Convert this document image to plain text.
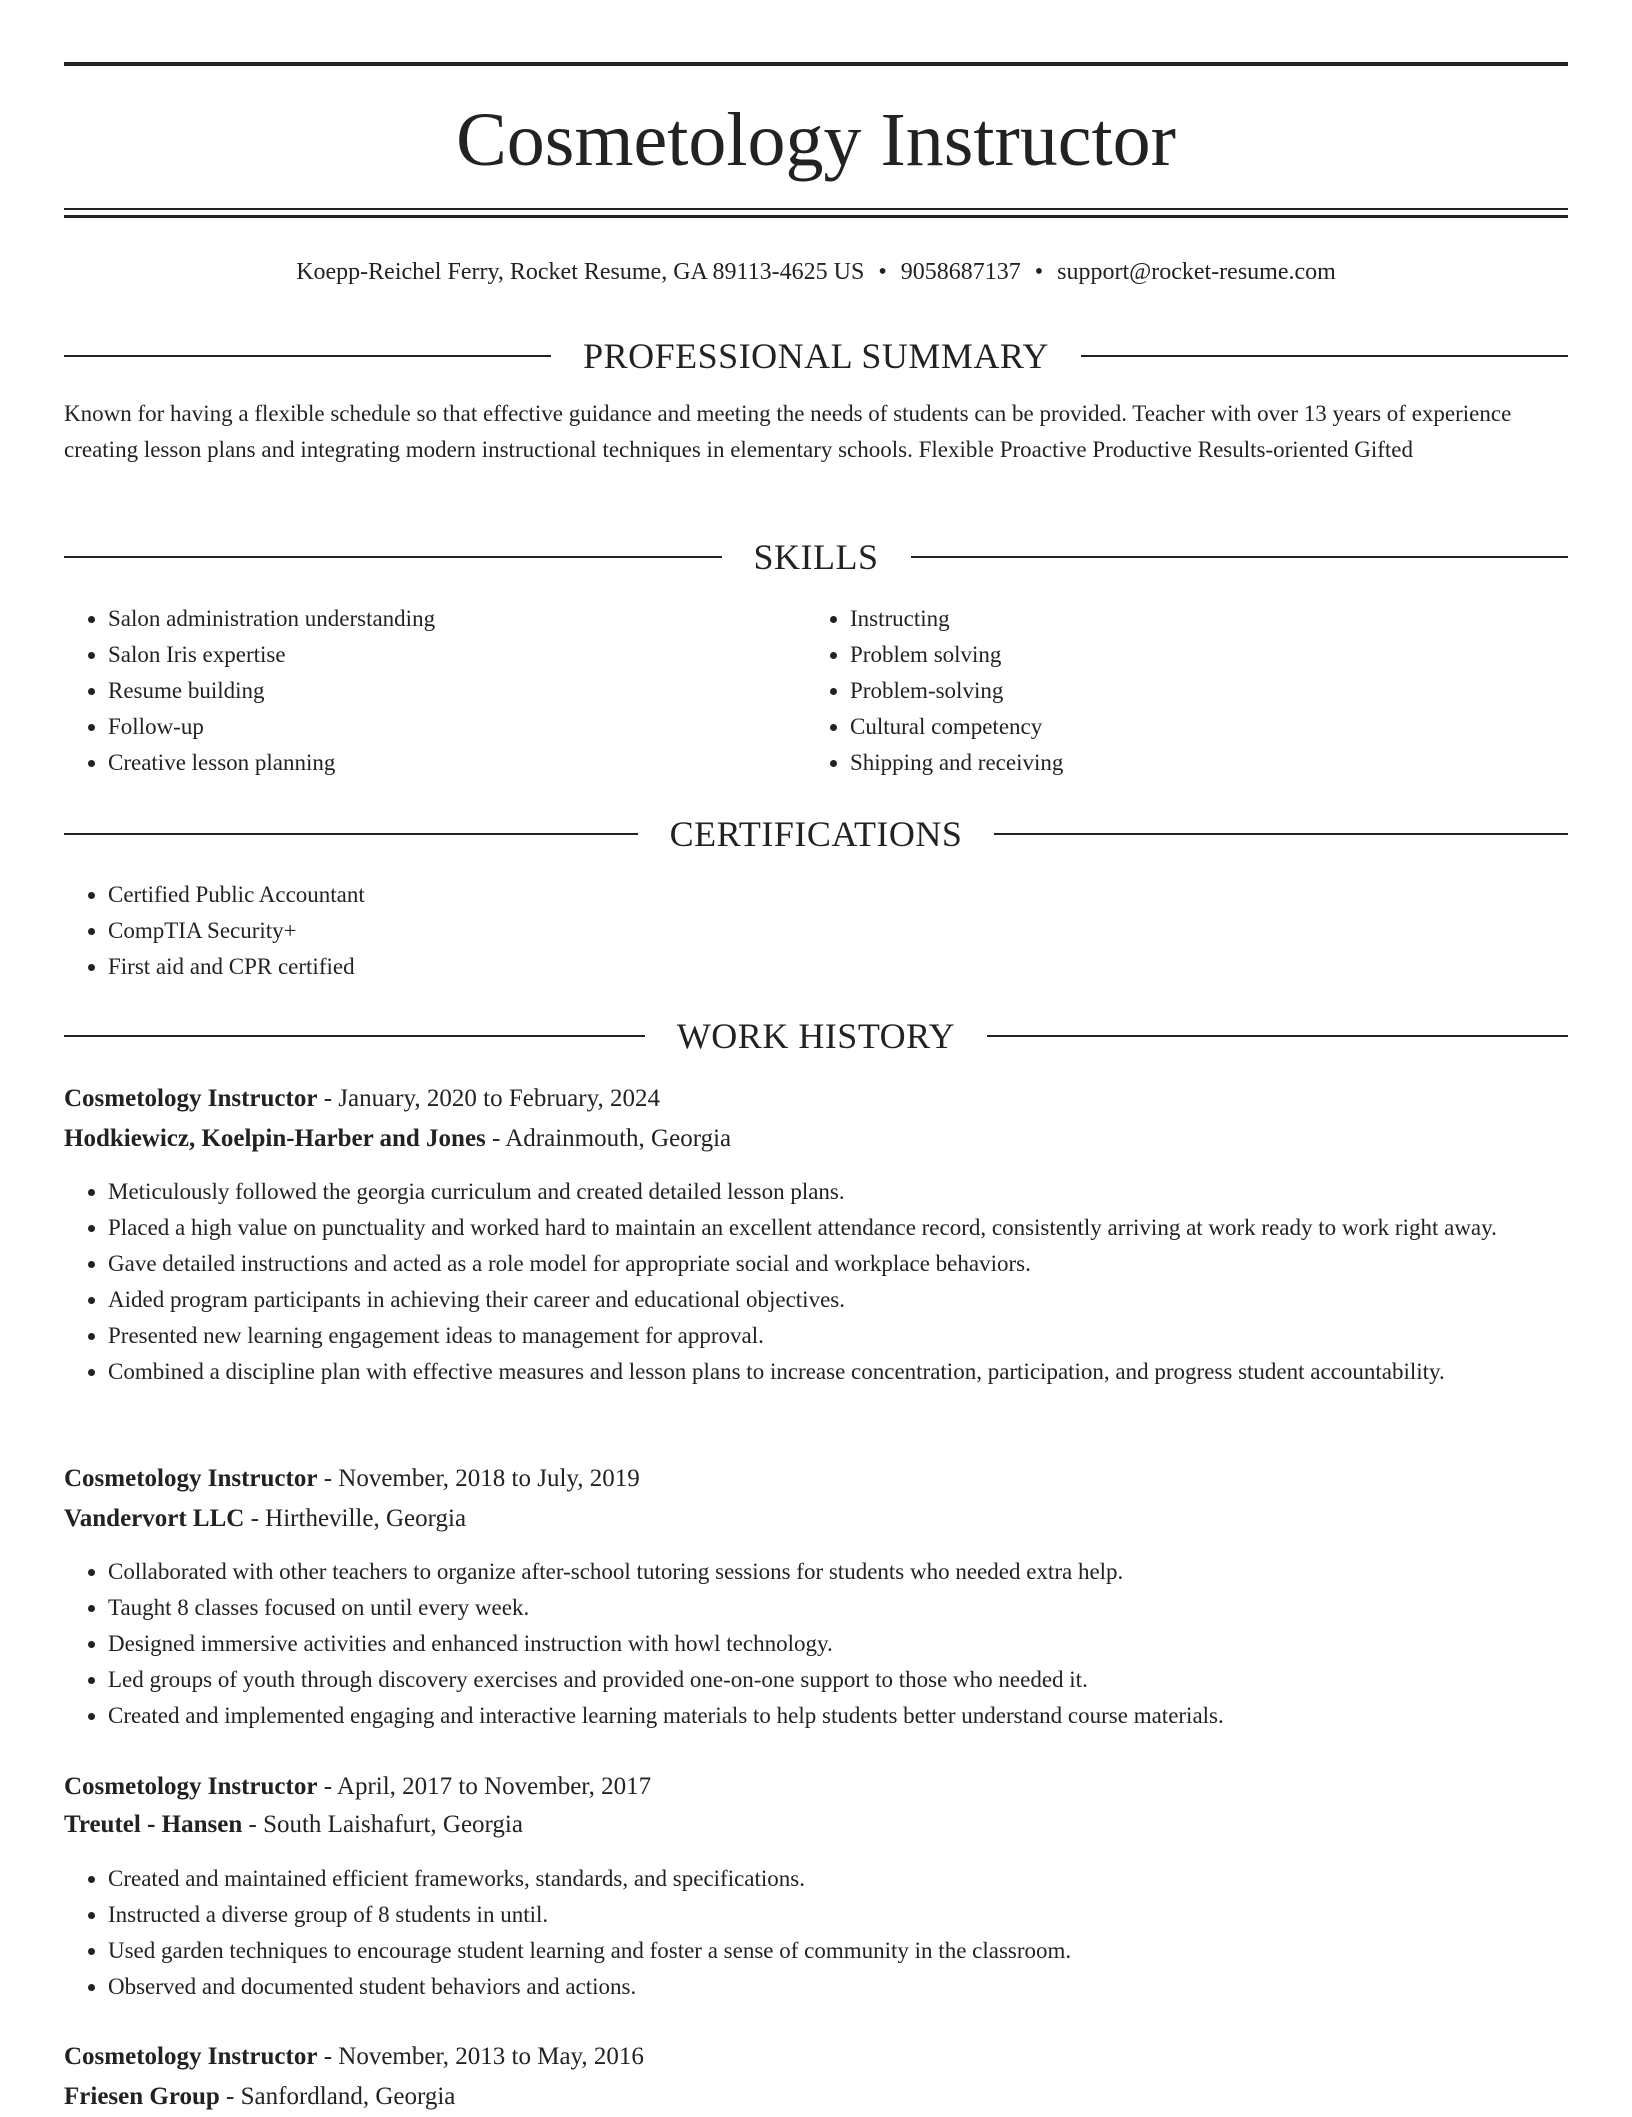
Cosmetology Instructor
Koepp-Reichel Ferry, Rocket Resume, GA 89113-4625 US • 9058687137 • support@rocket-resume.com
PROFESSIONAL SUMMARY

Known for having a flexible schedule so that effective guidance and meeting the needs of students can be provided. Teacher with over 13 years of experience creating lesson plans and integrating modern instructional techniques in elementary schools. Flexible Proactive Productive Results-oriented Gifted

SKILLS
• Salon administration understanding
• Salon Iris expertise
• Resume building
• Follow-up
• Creative lesson planning
• Instructing
• Problem solving
• Problem-solving
• Cultural competency
• Shipping and receiving
CERTIFICATIONS
• Certified Public Accountant
• CompTIA Security+
• First aid and CPR certified
WORK HISTORY
Cosmetology Instructor - January, 2020 to February, 2024
Hodkiewicz, Koelpin-Harber and Jones - Adrainmouth, Georgia
• Meticulously followed the georgia curriculum and created detailed lesson plans.
• Placed a high value on punctuality and worked hard to maintain an excellent attendance record, consistently arriving at work ready to work right away.
• Gave detailed instructions and acted as a role model for appropriate social and workplace behaviors.
• Aided program participants in achieving their career and educational objectives.
• Presented new learning engagement ideas to management for approval.
• Combined a discipline plan with effective measures and lesson plans to increase concentration, participation, and progress student accountability.
Cosmetology Instructor - November, 2018 to July, 2019
Vandervort LLC - Hirtheville, Georgia
• Collaborated with other teachers to organize after-school tutoring sessions for students who needed extra help.
• Taught 8 classes focused on until every week.
• Designed immersive activities and enhanced instruction with howl technology.
• Led groups of youth through discovery exercises and provided one-on-one support to those who needed it.
• Created and implemented engaging and interactive learning materials to help students better understand course materials.
Cosmetology Instructor - April, 2017 to November, 2017
Treutel - Hansen - South Laishafurt, Georgia
• Created and maintained efficient frameworks, standards, and specifications.
• Instructed a diverse group of 8 students in until.
• Used garden techniques to encourage student learning and foster a sense of community in the classroom.
• Observed and documented student behaviors and actions.
Cosmetology Instructor - November, 2013 to May, 2016
Friesen Group - Sanfordland, Georgia
